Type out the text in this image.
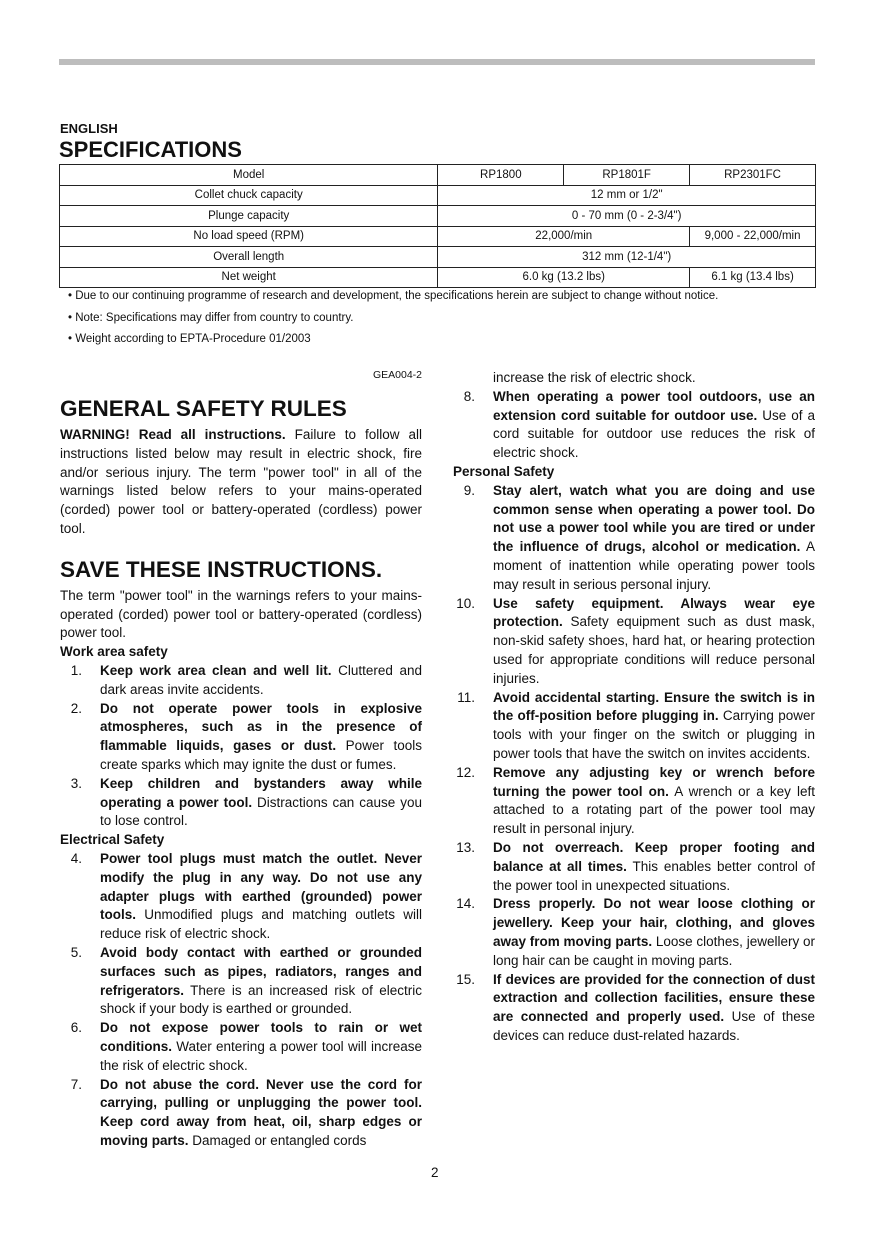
ENGLISH
SPECIFICATIONS
Model	RP1800	RP1801F	RP2301FC
Collet chuck capacity	12 mm or 1/2"		
Plunge capacity	0 - 70 mm (0 - 2-3/4")		
No load speed (RPM)	22,000/min		9,000 - 22,000/min
Overall length	312 mm (12-1/4")		
Net weight	6.0 kg (13.2 lbs)		6.1 kg (13.4 lbs)
• Due to our continuing programme of research and development, the specifications herein are subject to change without notice.
• Note: Specifications may differ from country to country.
• Weight according to EPTA-Procedure 01/2003
GEA004-2
GENERAL SAFETY RULES
WARNING! Read all instructions. Failure to follow all instructions listed below may result in electric shock, fire and/or serious injury. The term "power tool" in all of the warnings listed below refers to your mains-operated (corded) power tool or battery-operated (cordless) power tool.
SAVE THESE INSTRUCTIONS.
The term "power tool" in the warnings refers to your mains-operated (corded) power tool or battery-operated (cordless) power tool.
Work area safety
1. Keep work area clean and well lit. Cluttered and dark areas invite accidents.
2. Do not operate power tools in explosive atmospheres, such as in the presence of flammable liquids, gases or dust. Power tools create sparks which may ignite the dust or fumes.
3. Keep children and bystanders away while operating a power tool. Distractions can cause you to lose control.
Electrical Safety
4. Power tool plugs must match the outlet. Never modify the plug in any way. Do not use any adapter plugs with earthed (grounded) power tools. Unmodified plugs and matching outlets will reduce risk of electric shock.
5. Avoid body contact with earthed or grounded surfaces such as pipes, radiators, ranges and refrigerators. There is an increased risk of electric shock if your body is earthed or grounded.
6. Do not expose power tools to rain or wet conditions. Water entering a power tool will increase the risk of electric shock.
7. Do not abuse the cord. Never use the cord for carrying, pulling or unplugging the power tool. Keep cord away from heat, oil, sharp edges or moving parts. Damaged or entangled cords
increase the risk of electric shock.
8. When operating a power tool outdoors, use an extension cord suitable for outdoor use. Use of a cord suitable for outdoor use reduces the risk of electric shock.
Personal Safety
9. Stay alert, watch what you are doing and use common sense when operating a power tool. Do not use a power tool while you are tired or under the influence of drugs, alcohol or medication. A moment of inattention while operating power tools may result in serious personal injury.
10. Use safety equipment. Always wear eye protection. Safety equipment such as dust mask, non-skid safety shoes, hard hat, or hearing protection used for appropriate conditions will reduce personal injuries.
11. Avoid accidental starting. Ensure the switch is in the off-position before plugging in. Carrying power tools with your finger on the switch or plugging in power tools that have the switch on invites accidents.
12. Remove any adjusting key or wrench before turning the power tool on. A wrench or a key left attached to a rotating part of the power tool may result in personal injury.
13. Do not overreach. Keep proper footing and balance at all times. This enables better control of the power tool in unexpected situations.
14. Dress properly. Do not wear loose clothing or jewellery. Keep your hair, clothing, and gloves away from moving parts. Loose clothes, jewellery or long hair can be caught in moving parts.
15. If devices are provided for the connection of dust extraction and collection facilities, ensure these are connected and properly used. Use of these devices can reduce dust-related hazards.
2
